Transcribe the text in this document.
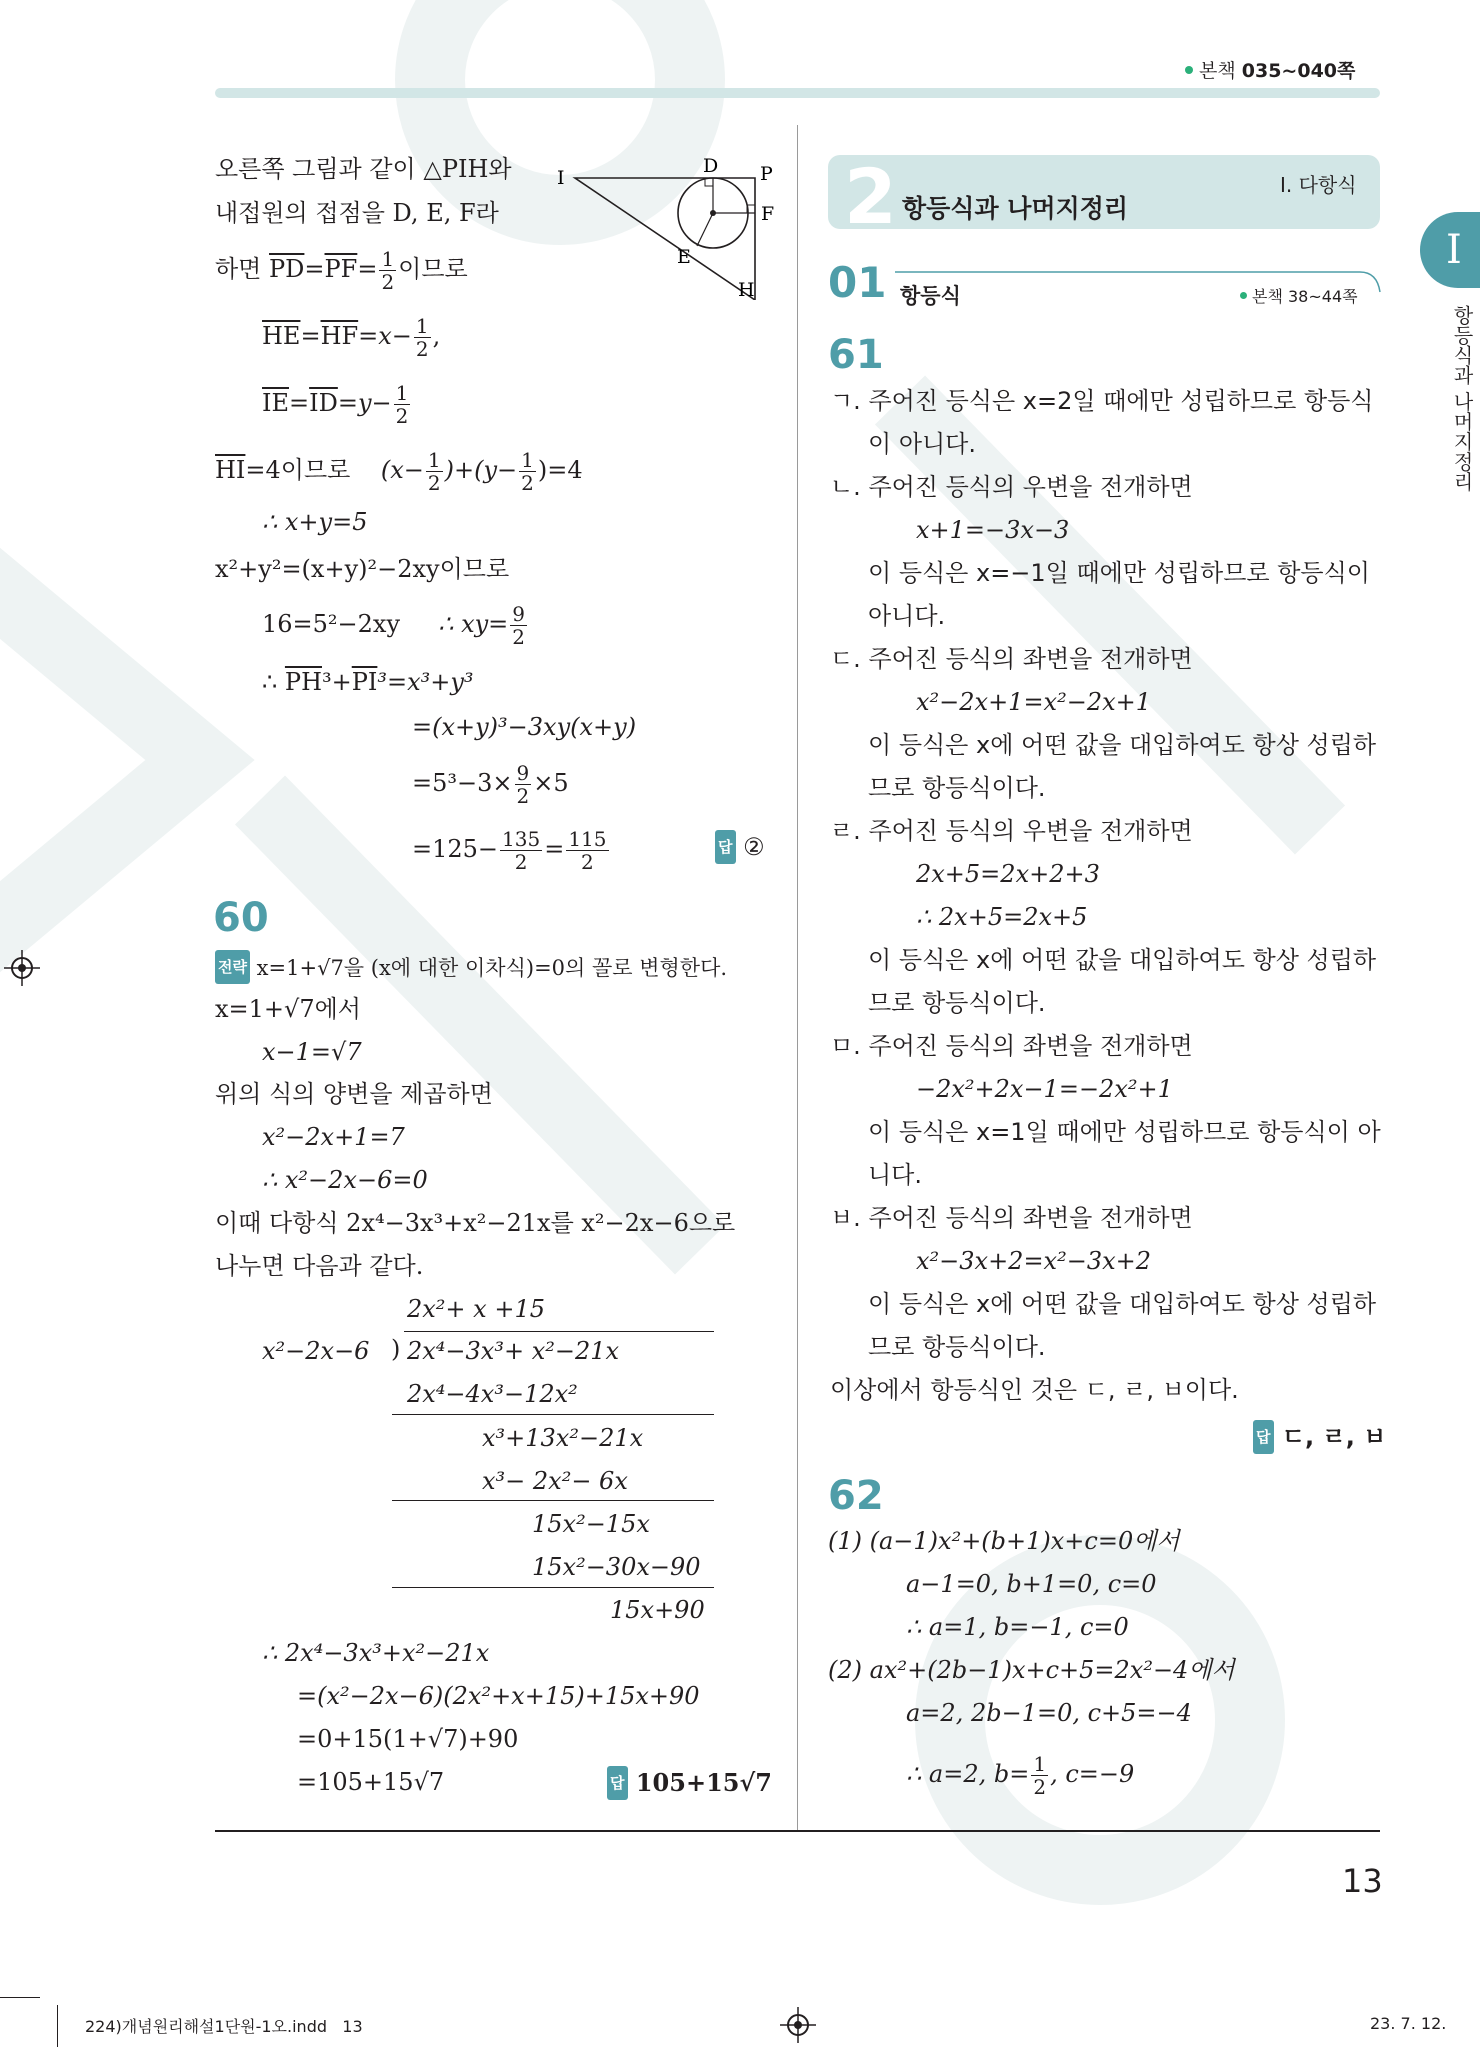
본책 035~040쪽
I
항등식과 나머지정리
오른쪽 그림과 같이 △PIH와
내접원의 접점을 D, E, F라
하면 $\overline{PD}=\overline{PF}= \frac{1}{2}$ 이므로
I
D P
F
E
H
$\overline{HE}=\overline{HF}=x- \frac{1}{2}$ ,
$\overline{IE}=\overline{ID}=y- \frac{1}{2}$
$\overline{HI}=4$이므로 $(x- \frac{1}{2} )+(y- \frac{1}{2} )=4$
∴ x+y=5
x²+y²=(x+y)²−2xy이므로
16=5²−2xy ∴ $xy= \frac{9}{2}$
∴ $\overline{PH}^3+\overline{PI}^3=x^3+y^3$
=(x+y)³−3xy(x+y)
$=5^3-3\times \frac{9}{2} \times 5$
$=125- \frac{135}{2} = \frac{115}{2}$	답 ②
60
전략 x=1+√7을 (x에 대한 이차식)=0의 꼴로 변형한다.
x=1+√7에서
x−1=√7
위의 식의 양변을 제곱하면
x²−2x+1=7
∴ x²−2x−6=0
이때 다항식 2x⁴−3x³+x²−21x를 x²−2x−6으로
나누면 다음과 같다.
2x²+ x +15
x²−2x−6 ) 2x⁴−3x³+ x²−21x
2x⁴−4x³−12x²
x³+13x²−21x
x³− 2x²− 6x
15x²−15x
15x²−30x−90
15x+90
∴ 2x⁴−3x³+x²−21x
=(x²−2x−6)(2x²+x+15)+15x+90
=0+15(1+√7)+90
=105+15√7	답 105+15√7
2 항등식과 나머지정리
Ⅰ. 다항식
01 항등식	본책 38~44쪽
61
ㄱ. 주어진 등식은 x=2일 때에만 성립하므로 항등식
이 아니다.
ㄴ. 주어진 등식의 우변을 전개하면
x+1=−3x−3
이 등식은 x=−1일 때에만 성립하므로 항등식이
아니다.
ㄷ. 주어진 등식의 좌변을 전개하면
x²−2x+1=x²−2x+1
이 등식은 x에 어떤 값을 대입하여도 항상 성립하
므로 항등식이다.
ㄹ. 주어진 등식의 우변을 전개하면
2x+5=2x+2+3
∴ 2x+5=2x+5
이 등식은 x에 어떤 값을 대입하여도 항상 성립하
므로 항등식이다.
ㅁ. 주어진 등식의 좌변을 전개하면
−2x²+2x−1=−2x²+1
이 등식은 x=1일 때에만 성립하므로 항등식이 아
니다.
ㅂ. 주어진 등식의 좌변을 전개하면
x²−3x+2=x²−3x+2
이 등식은 x에 어떤 값을 대입하여도 항상 성립하
므로 항등식이다.
이상에서 항등식인 것은 ㄷ, ㄹ, ㅂ이다.
답 ㄷ, ㄹ, ㅂ
62
(1) (a−1)x²+(b+1)x+c=0에서
a−1=0, b+1=0, c=0
∴ a=1, b=−1, c=0
(2) ax²+(2b−1)x+c+5=2x²−4에서
a=2, 2b−1=0, c+5=−4
∴ a=2, $b= \frac{1}{2}$ , c=−9
13
224)개념원리해설1단원-1오.indd   13	23. 7. 12.
